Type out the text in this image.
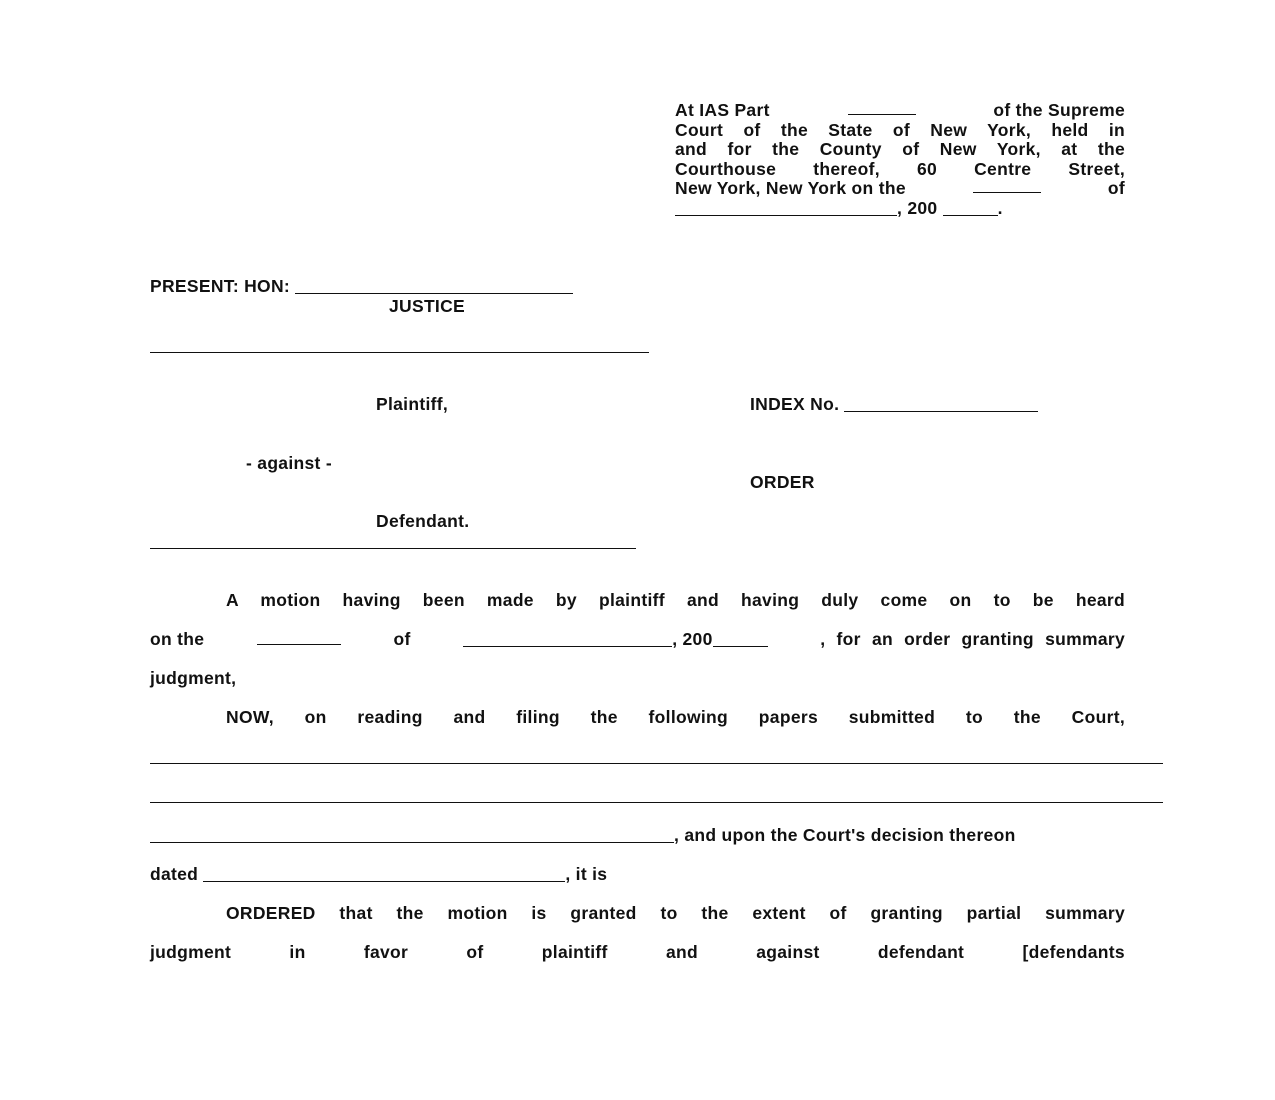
At IAS Part	of the Supreme
Court of the State of New York, held in
and for the County of New York, at the
Courthouse thereof, 60 Centre Street,
New York, New York on the	of
, 200	.
PRESENT: HON:
JUSTICE
Plaintiff,	INDEX No.
- against -
ORDER
Defendant.
A motion having been made by plaintiff and having duly come on to be heard
on the	of	, 200	, for an order granting summary
judgment,
NOW, on reading and filing the following papers submitted to the Court,
, and upon the Court's decision thereon
dated	, it is
ORDERED that the motion is granted to the extent of granting partial summary
judgment	in	favor	of	plaintiff	and	against	defendant	[defendants
